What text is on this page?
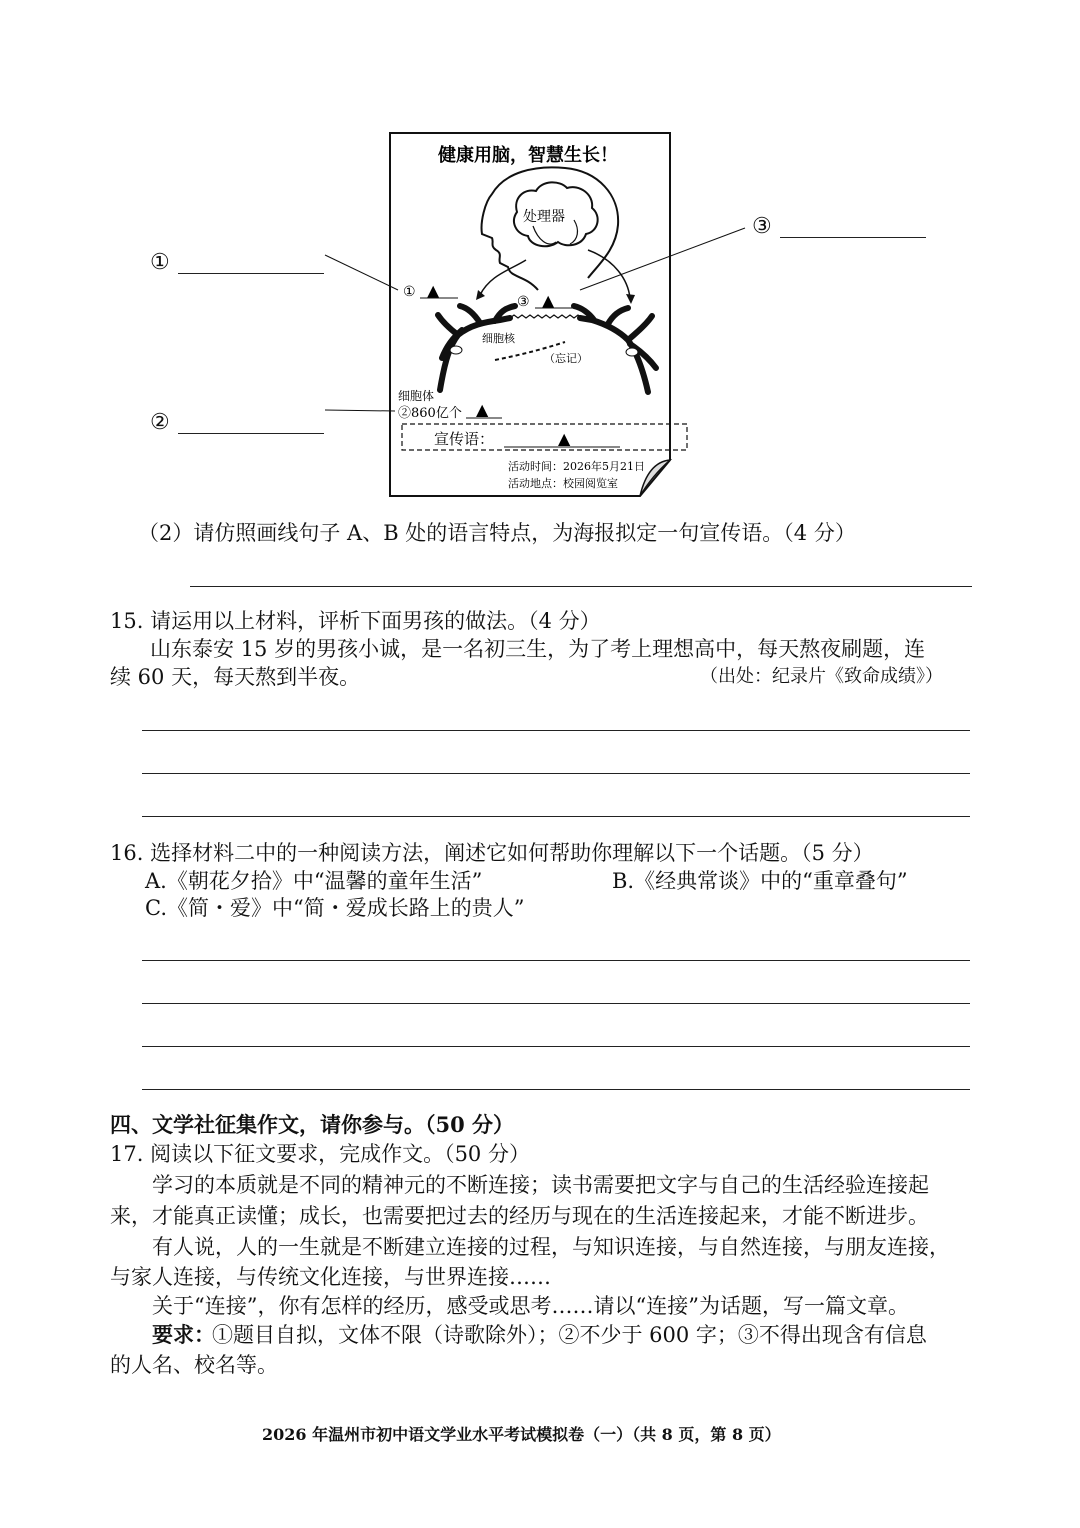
①
②
③
健康用脑，智慧生长！
处理器
① ▲
③ ▲
细胞核
（忘记）
细胞体
②860亿个 ▲
宣传语：	▲
活动时间：2026年5月21日
活动地点：校园阅览室
（2）请仿照画线句子 A、B 处的语言特点，为海报拟定一句宣传语。（4 分）
15. 请运用以上材料，评析下面男孩的做法。（4 分）
山东泰安 15 岁的男孩小诚，是一名初三生，为了考上理想高中，每天熬夜刷题，连
续 60 天，每天熬到半夜。	（出处：纪录片《致命成绩》）
16. 选择材料二中的一种阅读方法，阐述它如何帮助你理解以下一个话题。（5 分）
A.《朝花夕拾》中“温馨的童年生活”	B.《经典常谈》中的“重章叠句”
C.《简・爱》中“简・爱成长路上的贵人”
四、文学社征集作文，请你参与。（50 分）
17. 阅读以下征文要求，完成作文。（50 分）
学习的本质就是不同的精神元的不断连接；读书需要把文字与自己的生活经验连接起
来，才能真正读懂；成长，也需要把过去的经历与现在的生活连接起来，才能不断进步。
有人说，人的一生就是不断建立连接的过程，与知识连接，与自然连接，与朋友连接，
与家人连接，与传统文化连接，与世界连接……
关于“连接”，你有怎样的经历，感受或思考……请以“连接”为话题，写一篇文章。
要求：
①题目自拟，文体不限（诗歌除外）；②不少于 600 字；③不得出现含有信息
的人名、校名等。
2026 年温州市初中语文学业水平考试模拟卷（一）（共 8 页，第 8 页）
